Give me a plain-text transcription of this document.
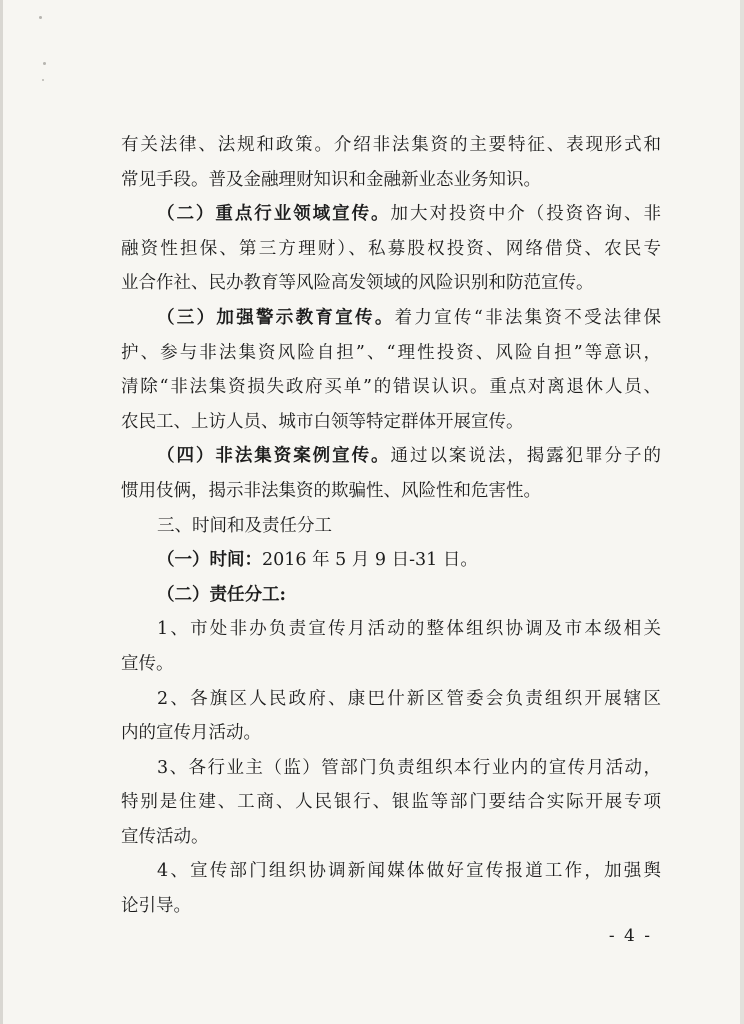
有关法律、法规和政策。介绍非法集资的主要特征、表现形式和
常见手段。普及金融理财知识和金融新业态业务知识。
（二）重点行业领域宣传。加大对投资中介（投资咨询、非
融资性担保、第三方理财）、私募股权投资、网络借贷、农民专
业合作社、民办教育等风险高发领域的风险识别和防范宣传。
（三）加强警示教育宣传。着力宣传“非法集资不受法律保
护、参与非法集资风险自担”、“理性投资、风险自担”等意识，
清除“非法集资损失政府买单”的错误认识。重点对离退休人员、
农民工、上访人员、城市白领等特定群体开展宣传。
（四）非法集资案例宣传。通过以案说法，揭露犯罪分子的
惯用伎俩，揭示非法集资的欺骗性、风险性和危害性。
三、时间和及责任分工
（一）时间：2016 年 5 月 9 日-31 日。
（二）责任分工:
1、市处非办负责宣传月活动的整体组织协调及市本级相关
宣传。
2、各旗区人民政府、康巴什新区管委会负责组织开展辖区
内的宣传月活动。
3、各行业主（监）管部门负责组织本行业内的宣传月活动，
特别是住建、工商、人民银行、银监等部门要结合实际开展专项
宣传活动。
4、宣传部门组织协调新闻媒体做好宣传报道工作，加强舆
论引导。
- 4 -
